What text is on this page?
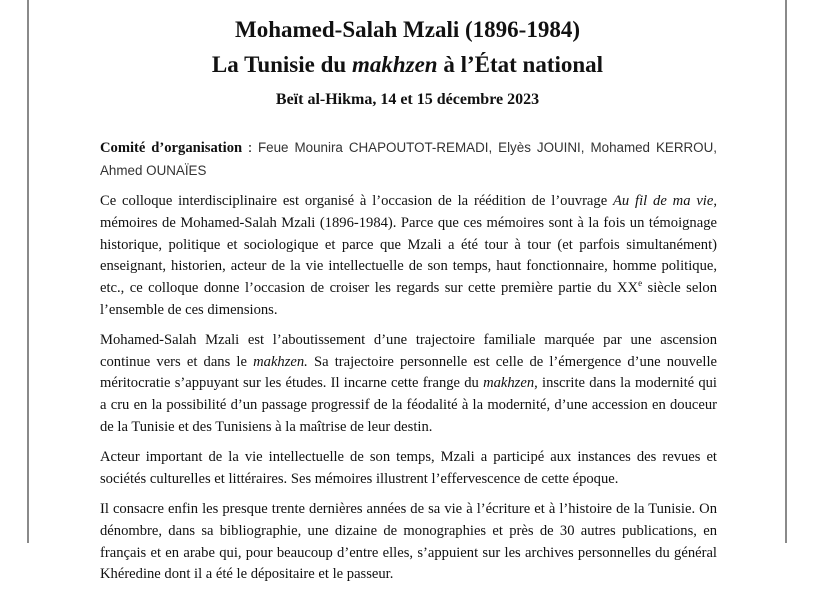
Mohamed-Salah Mzali (1896-1984)
La Tunisie du makhzen à l’État national
Beït al-Hikma, 14 et 15 décembre 2023

Comité d’organisation : Feue Mounira CHAPOUTOT-REMADI, Elyès JOUINI, Mohamed KERROU, Ahmed OUNAÏES

Ce colloque interdisciplinaire est organisé à l’occasion de la réédition de l’ouvrage Au fil de ma vie, mémoires de Mohamed-Salah Mzali (1896-1984). Parce que ces mémoires sont à la fois un témoignage historique, politique et sociologique et parce que Mzali a été tour à tour (et parfois simultanément) enseignant, historien, acteur de la vie intellectuelle de son temps, haut fonctionnaire, homme politique, etc., ce colloque donne l’occasion de croiser les regards sur cette première partie du XXe siècle selon l’ensemble de ces dimensions.

Mohamed-Salah Mzali est l’aboutissement d’une trajectoire familiale marquée par une ascension continue vers et dans le makhzen. Sa trajectoire personnelle est celle de l’émergence d’une nouvelle méritocratie s’appuyant sur les études. Il incarne cette frange du makhzen, inscrite dans la modernité qui a cru en la possibilité d’un passage progressif de la féodalité à la modernité, d’une accession en douceur de la Tunisie et des Tunisiens à la maîtrise de leur destin.

Acteur important de la vie intellectuelle de son temps, Mzali a participé aux instances des revues et sociétés culturelles et littéraires. Ses mémoires illustrent l’effervescence de cette époque.

Il consacre enfin les presque trente dernières années de sa vie à l’écriture et à l’histoire de la Tunisie. On dénombre, dans sa bibliographie, une dizaine de monographies et près de 30 autres publications, en français et en arabe qui, pour beaucoup d’entre elles, s’appuient sur les archives personnelles du général Khéredine dont il a été le dépositaire et le passeur.
